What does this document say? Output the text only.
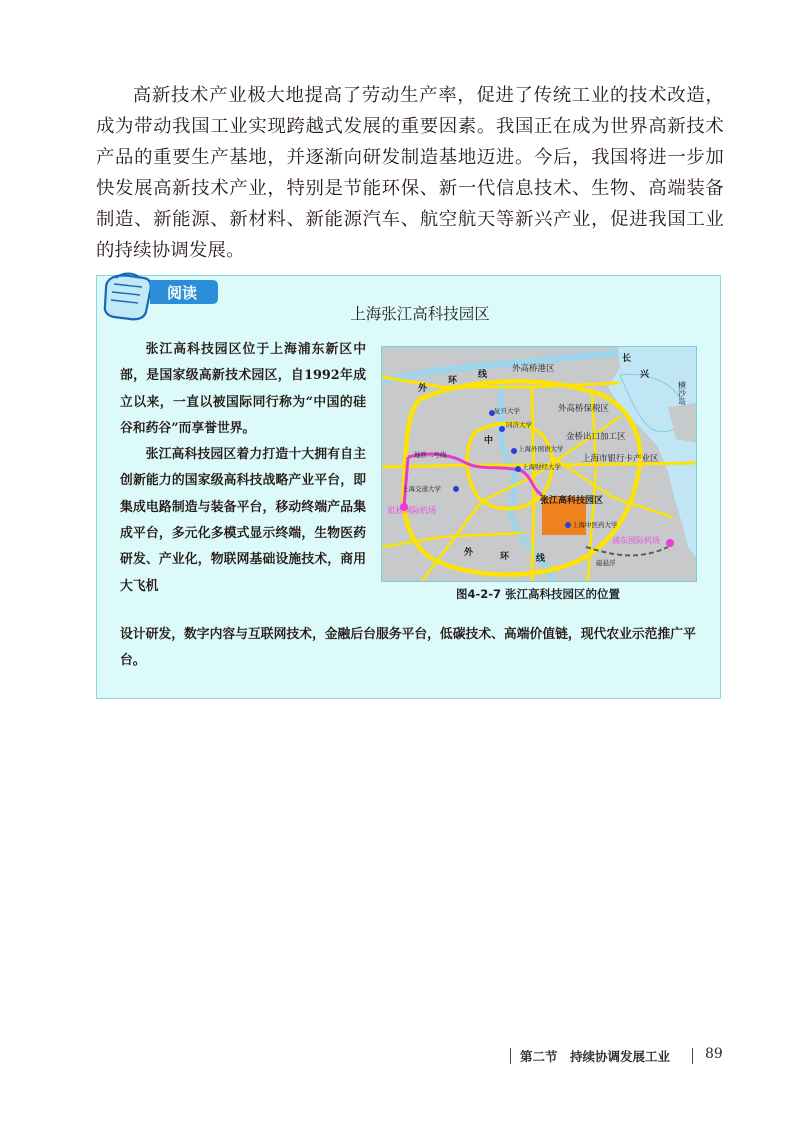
高新技术产业极大地提高了劳动生产率，促进了传统工业的技术改造，成为带动我国工业实现跨越式发展的重要因素。我国正在成为世界高新技术产品的重要生产基地，并逐渐向研发制造基地迈进。今后，我国将进一步加快发展高新技术产业，特别是节能环保、新一代信息技术、生物、高端装备制造、新能源、新材料、新能源汽车、航空航天等新兴产业，促进我国工业的持续协调发展。

阅读
上海张江高科技园区

张江高科技园区位于上海浦东新区中部，是国家级高新技术园区，自1992年成立以来，一直以被国际同行称为“中国的硅谷和药谷”而享誉世界。

张江高科技园区着力打造十大拥有自主创新能力的国家级高科技战略产业平台，即集成电路制造与装备平台，移动终端产品集成平台，多元化多模式显示终端，生物医药研发、产业化，物联网基础设施技术，商用大飞机

设计研发，数字内容与互联网技术，金融后台服务平台，低碳技术、高端价值链，现代农业示范推广平台。

外
环
线
中
外高桥港区
外高桥保税区
长
兴
横沙岛
复旦大学
同济大学
上海外国语大学
上海财经大学
金桥出口加工区
上海市银行卡产业区
地铁二号线
上海交通大学
张江高科技园区
上海中医药大学
虹桥国际机场
浦东国际机场
外	环	线	磁悬浮

图4-2-7 张江高科技园区的位置

第二节　持续协调发展工业 89
